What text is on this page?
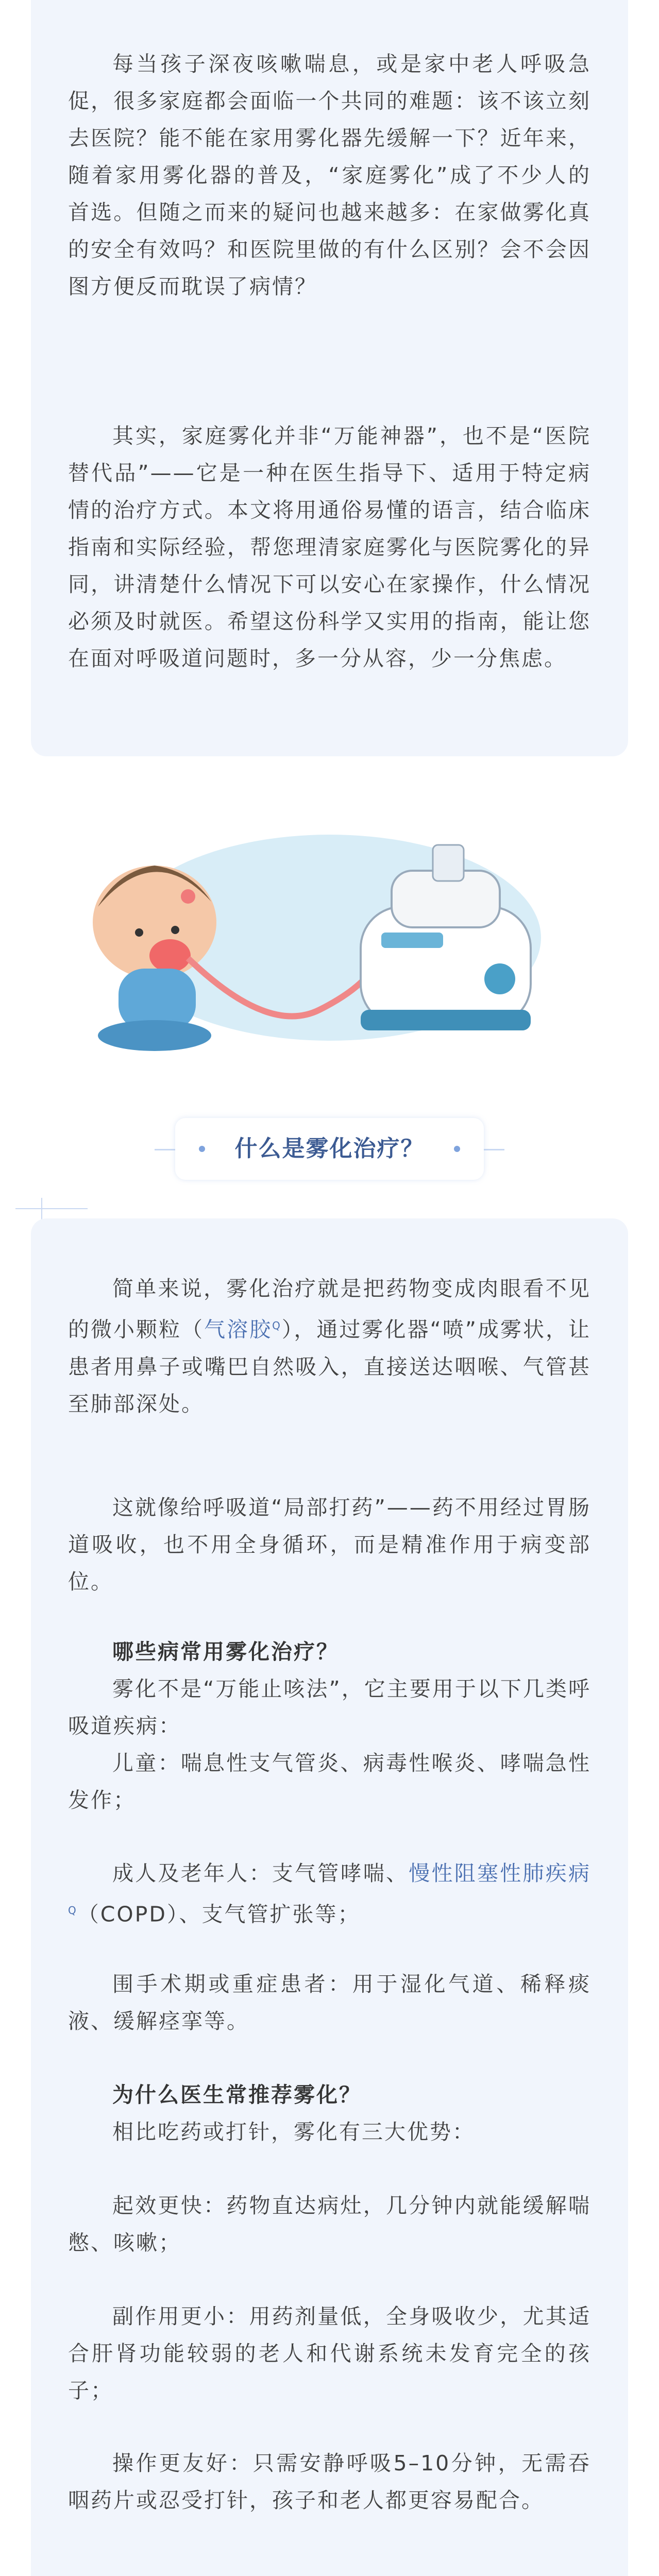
每当孩子深夜咳嗽喘息，或是家中老人呼吸急促，很多家庭都会面临一个共同的难题：该不该立刻去医院？能不能在家用雾化器先缓解一下？近年来，随着家用雾化器的普及，“家庭雾化”成了不少人的首选。但随之而来的疑问也越来越多：在家做雾化真的安全有效吗？和医院里做的有什么区别？会不会因图方便反而耽误了病情？

其实，家庭雾化并非“万能神器”，也不是“医院替代品”——它是一种在医生指导下、适用于特定病情的治疗方式。本文将用通俗易懂的语言，结合临床指南和实际经验，帮您理清家庭雾化与医院雾化的异同，讲清楚什么情况下可以安心在家操作，什么情况必须及时就医。希望这份科学又实用的指南，能让您在面对呼吸道问题时，多一分从容，少一分焦虑。

什么是雾化治疗？

简单来说，雾化治疗就是把药物变成肉眼看不见的微小颗粒（气溶胶$^Q$），通过雾化器“喷”成雾状，让患者用鼻子或嘴巴自然吸入，直接送达咽喉、气管甚至肺部深处。

这就像给呼吸道“局部打药”——药不用经过胃肠道吸收，也不用全身循环，而是精准作用于病变部位。

哪些病常用雾化治疗？

雾化不是“万能止咳法”，它主要用于以下几类呼吸道疾病：

儿童：喘息性支气管炎、病毒性喉炎、哮喘急性发作；

成人及老年人：支气管哮喘、慢性阻塞性肺疾病$^Q$（COPD）、支气管扩张等；

围手术期或重症患者：用于湿化气道、稀释痰液、缓解痉挛等。

为什么医生常推荐雾化？

相比吃药或打针，雾化有三大优势：

起效更快：药物直达病灶，几分钟内就能缓解喘憋、咳嗽；

副作用更小：用药剂量低，全身吸收少，尤其适合肝肾功能较弱的老人和代谢系统未发育完全的孩子；

操作更友好：只需安静呼吸5–10分钟，无需吞咽药片或忍受打针，孩子和老人都更容易配合。
